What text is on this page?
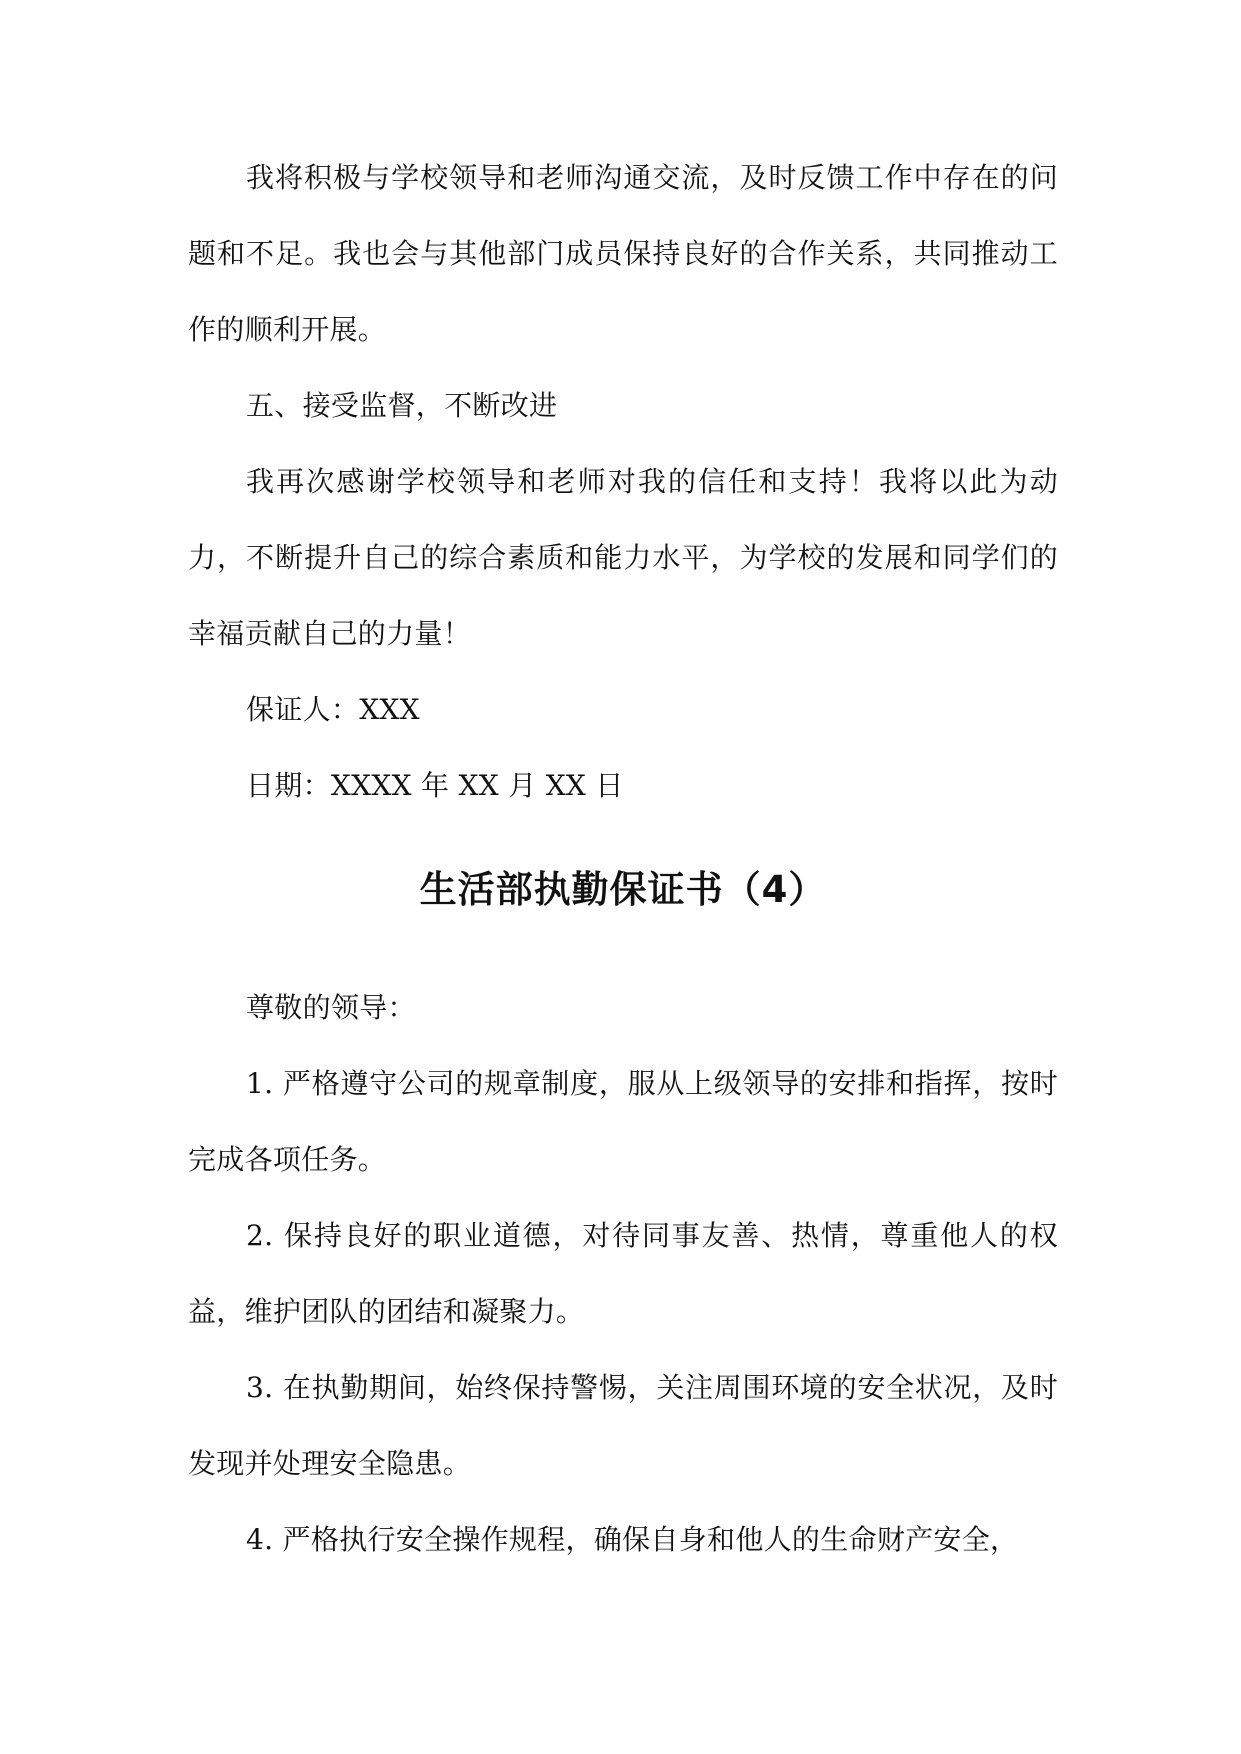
我将积极与学校领导和老师沟通交流，及时反馈工作中存在的问题和不足。我也会与其他部门成员保持良好的合作关系，共同推动工作的顺利开展。

五、接受监督，不断改进

我再次感谢学校领导和老师对我的信任和支持！我将以此为动力，不断提升自己的综合素质和能力水平，为学校的发展和同学们的幸福贡献自己的力量！

保证人：XXX

日期：XXXX 年 XX 月 XX 日

生活部执勤保证书（4）

尊敬的领导：

1. 严格遵守公司的规章制度，服从上级领导的安排和指挥，按时完成各项任务。

2. 保持良好的职业道德，对待同事友善、热情，尊重他人的权益，维护团队的团结和凝聚力。

3. 在执勤期间，始终保持警惕，关注周围环境的安全状况，及时发现并处理安全隐患。

4. 严格执行安全操作规程，确保自身和他人的生命财产安全，
